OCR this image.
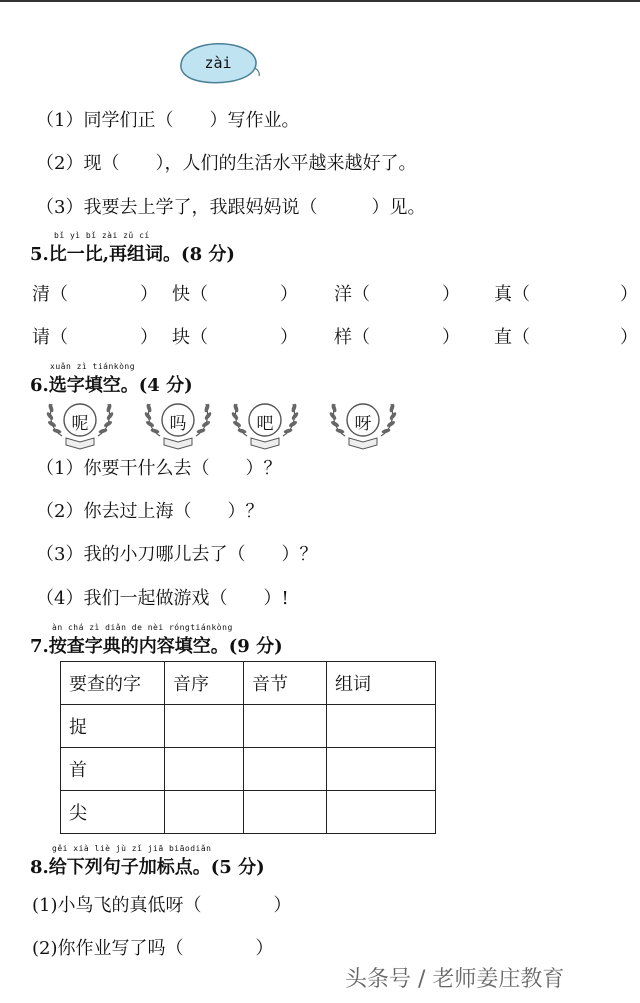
zài
（1）同学们正（　　）写作业。
（2）现（　　），人们的生活水平越来越好了。
（3）我要去上学了，我跟妈妈说（　　　）见。
bǐ yì bǐ zài zǔ cí
5.比一比,再组词。(8 分)
清（　　　　） 快（　　　　） 洋（　　　　） 真（　　　　　）
请（　　　　） 块（　　　　） 样（　　　　） 直（　　　　　）
xuǎn zì tiánkòng
6.选字填空。(4 分)
呢	吗	吧	呀
（1）你要干什么去（　　）？
（2）你去过上海（　　）？
（3）我的小刀哪儿去了（　　）？
（4）我们一起做游戏（　　）!
àn chá zì diǎn de nèi róngtiánkòng
7.按查字典的内容填空。(9 分)
要查的字	音序	音节	组词
捉			
首			
尖			
gěi xià liè jù zǐ jiā biāodiǎn
8.给下列句子加标点。(5 分)
(1)小鸟飞的真低呀（　　　　）
(2)你作业写了吗（　　　　）
头条号 / 老师姜庄教育
